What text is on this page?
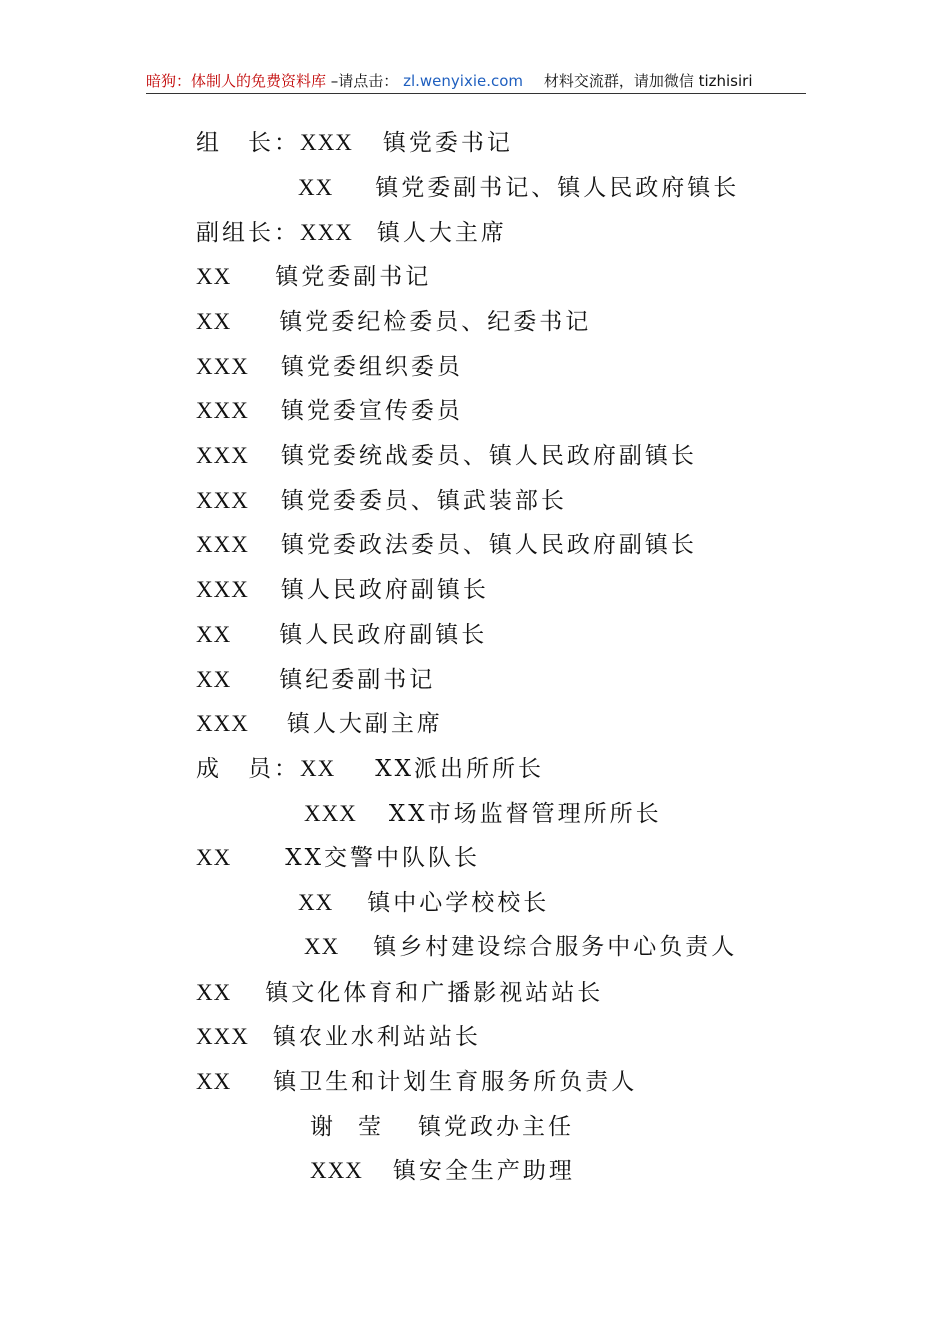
暗狗：体制人的免费资料库 –请点击： zl.wenyixie.com 材料交流群，请加微信 tizhisiri
组　长：XXX 镇党委书记
XX 镇党委副书记、镇人民政府镇长
副组长：XXX 镇人大主席
XX 镇党委副书记
XX 镇党委纪检委员、纪委书记
XXX 镇党委组织委员
XXX 镇党委宣传委员
XXX 镇党委统战委员、镇人民政府副镇长
XXX 镇党委委员、镇武装部长
XXX 镇党委政法委员、镇人民政府副镇长
XXX 镇人民政府副镇长
XX 镇人民政府副镇长
XX 镇纪委副书记
XXX 镇人大副主席
成　员：XX XX派出所所长
XXX XX市场监督管理所所长
XX XX交警中队队长
XX 镇中心学校校长
XX 镇乡村建设综合服务中心负责人
XX 镇文化体育和广播影视站站长
XXX 镇农业水利站站长
XX 镇卫生和计划生育服务所负责人
谢　莹 镇党政办主任
XXX 镇安全生产助理
